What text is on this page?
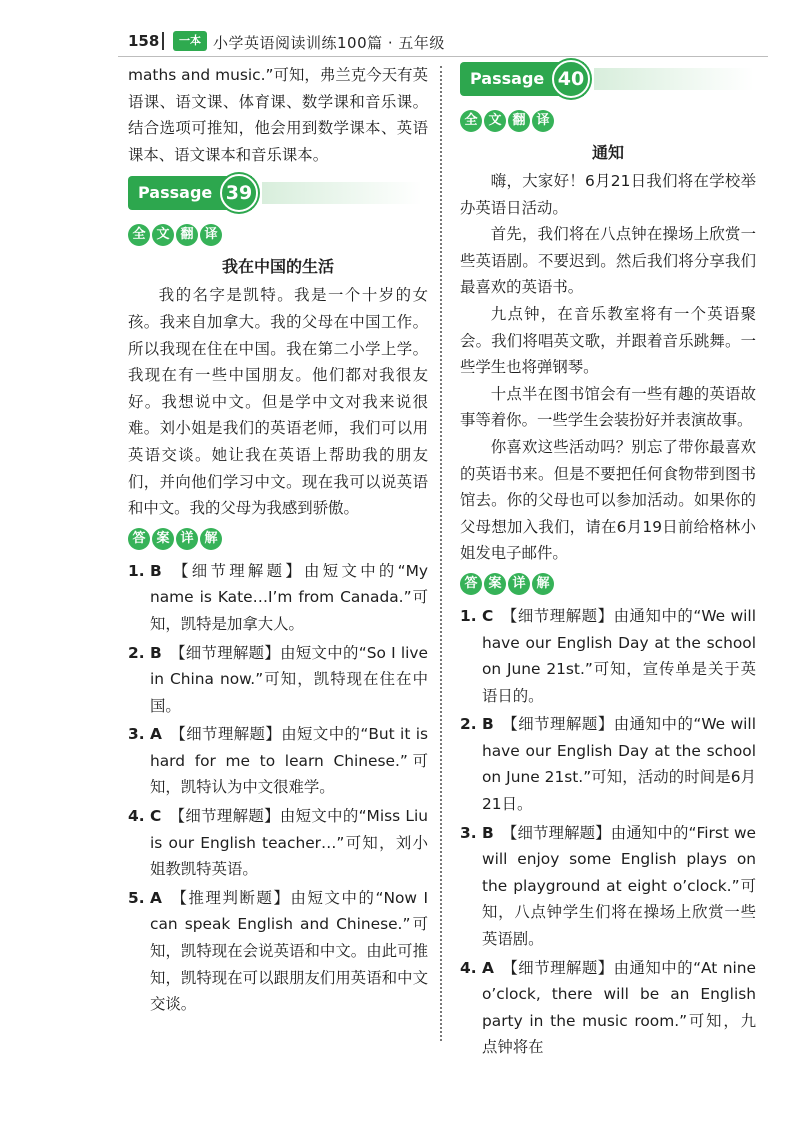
158	一本 小学英语阅读训练100篇 · 五年级

maths and music.”可知，弗兰克今天有英语课、语文课、体育课、数学课和音乐课。结合选项可推知，他会用到数学课本、英语课本、语文课本和音乐课本。

Passage 39
全 文 翻 译
我在中国的生活

我的名字是凯特。我是一个十岁的女孩。我来自加拿大。我的父母在中国工作。所以我现在住在中国。我在第二小学上学。我现在有一些中国朋友。他们都对我很友好。我想说中文。但是学中文对我来说很难。刘小姐是我们的英语老师，我们可以用英语交谈。她让我在英语上帮助我的朋友们，并向他们学习中文。现在我可以说英语和中文。我的父母为我感到骄傲。

答 案 详 解
1. B 【细节理解题】由短文中的“My name is Kate…I’m from Canada.”可知，凯特是加拿大人。
2. B 【细节理解题】由短文中的“So I live in China now.”可知，凯特现在住在中国。
3. A 【细节理解题】由短文中的“But it is hard for me to learn Chinese.”可知，凯特认为中文很难学。
4. C 【细节理解题】由短文中的“Miss Liu is our English teacher…”可知，刘小姐教凯特英语。
5. A 【推理判断题】由短文中的“Now I can speak English and Chinese.”可知，凯特现在会说英语和中文。由此可推知，凯特现在可以跟朋友们用英语和中文交谈。
Passage 40
全 文 翻 译
通知

嗨，大家好！6月21日我们将在学校举办英语日活动。

首先，我们将在八点钟在操场上欣赏一些英语剧。不要迟到。然后我们将分享我们最喜欢的英语书。

九点钟，在音乐教室将有一个英语聚会。我们将唱英文歌，并跟着音乐跳舞。一些学生也将弹钢琴。

十点半在图书馆会有一些有趣的英语故事等着你。一些学生会装扮好并表演故事。

你喜欢这些活动吗？别忘了带你最喜欢的英语书来。但是不要把任何食物带到图书馆去。你的父母也可以参加活动。如果你的父母想加入我们，请在6月19日前给格林小姐发电子邮件。

答 案 详 解
1. C 【细节理解题】由通知中的“We will have our English Day at the school on June 21st.”可知，宣传单是关于英语日的。
2. B 【细节理解题】由通知中的“We will have our English Day at the school on June 21st.”可知，活动的时间是6月21日。
3. B 【细节理解题】由通知中的“First we will enjoy some English plays on the playground at eight o’clock.”可知，八点钟学生们将在操场上欣赏一些英语剧。
4. A 【细节理解题】由通知中的“At nine o’clock, there will be an English party in the music room.”可知，九点钟将在
